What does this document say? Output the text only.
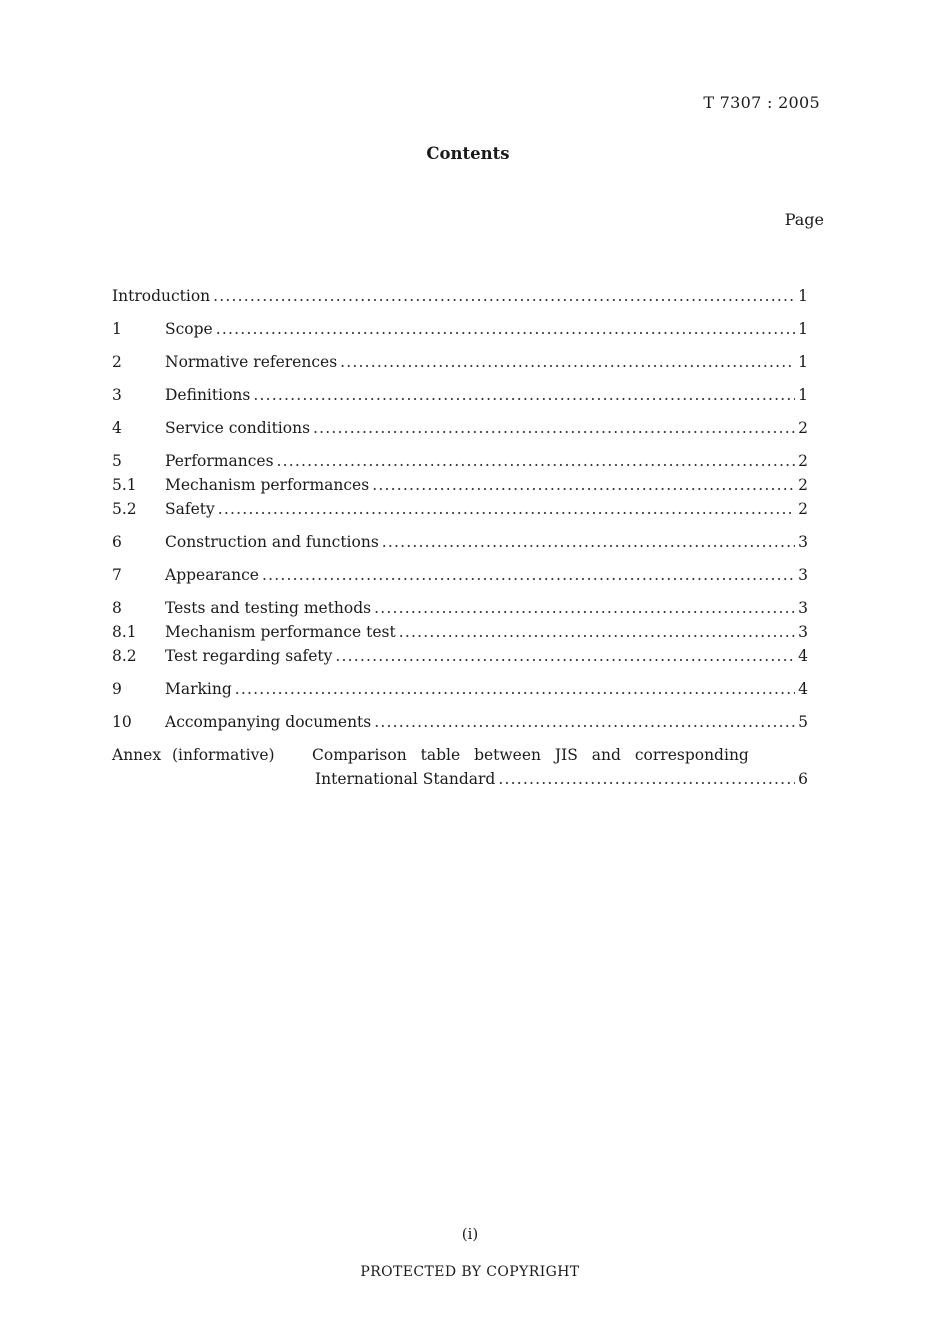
T 7307 : 2005
Contents
Page
Introduction .....	1
1	Scope .....	1
2	Normative references .....	1
3	Definitions .....	1
4	Service conditions .....	2
5	Performances .....	2
5.1	Mechanism performances .....	2
5.2	Safety .....	2
6	Construction and functions .....	3
7	Appearance .....	3
8	Tests and testing methods .....	3
8.1	Mechanism performance test .....	3
8.2	Test regarding safety .....	4
9	Marking .....	4
10	Accompanying documents .....	5
Annex (informative)	Comparison table between JIS and corresponding
International Standard .....	6
(i)
PROTECTED BY COPYRIGHT
